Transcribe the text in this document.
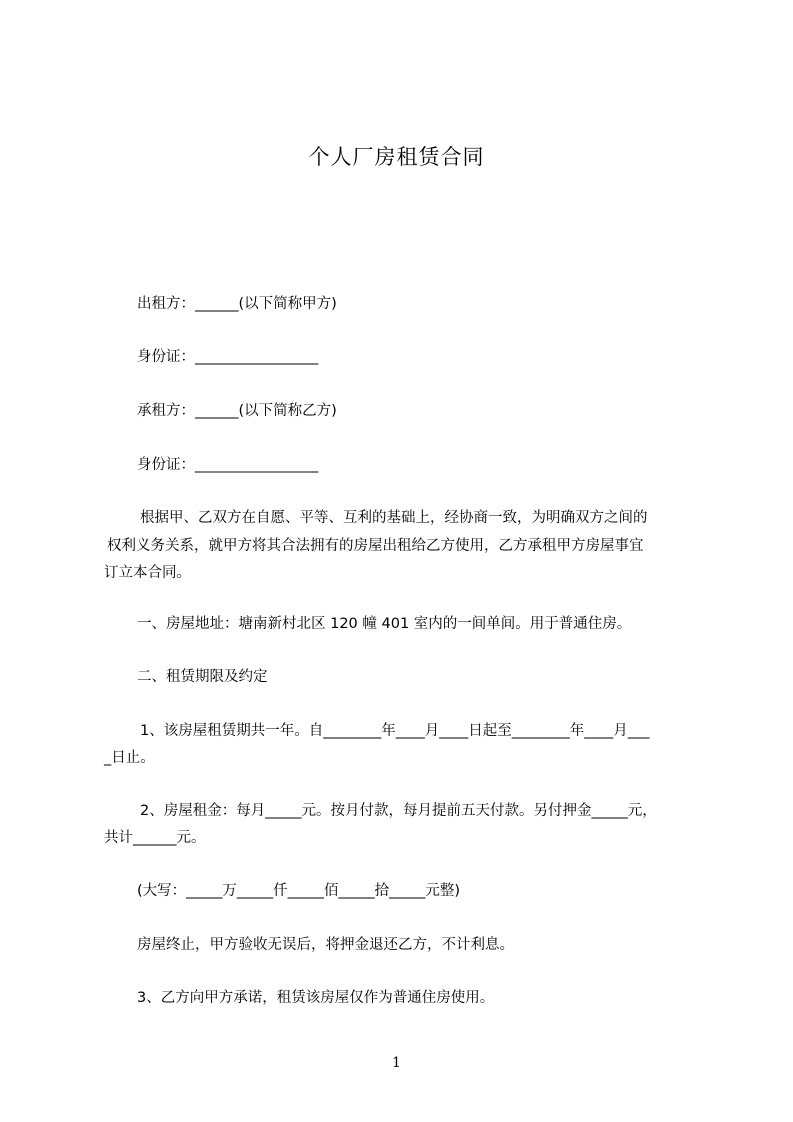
个人厂房租赁合同
出租方：______(以下简称甲方)
身份证：_________________
承租方：______(以下简称乙方)
身份证：_________________
根据甲、乙双方在自愿、平等、互利的基础上，经协商一致，为明确双方之间的
权利义务关系，就甲方将其合法拥有的房屋出租给乙方使用，乙方承租甲方房屋事宜
订立本合同。
一、房屋地址：塘南新村北区 120 幢 401 室内的一间单间。用于普通住房。
二、租赁期限及约定
1、该房屋租赁期共一年。自________年____月____日起至________年____月___
_日止。
2、房屋租金：每月_____元。按月付款，每月提前五天付款。另付押金_____元，
共计______元。
(大写：_____万_____仟_____佰_____拾_____元整)
房屋终止，甲方验收无误后，将押金退还乙方，不计利息。
3、乙方向甲方承诺，租赁该房屋仅作为普通住房使用。
1
